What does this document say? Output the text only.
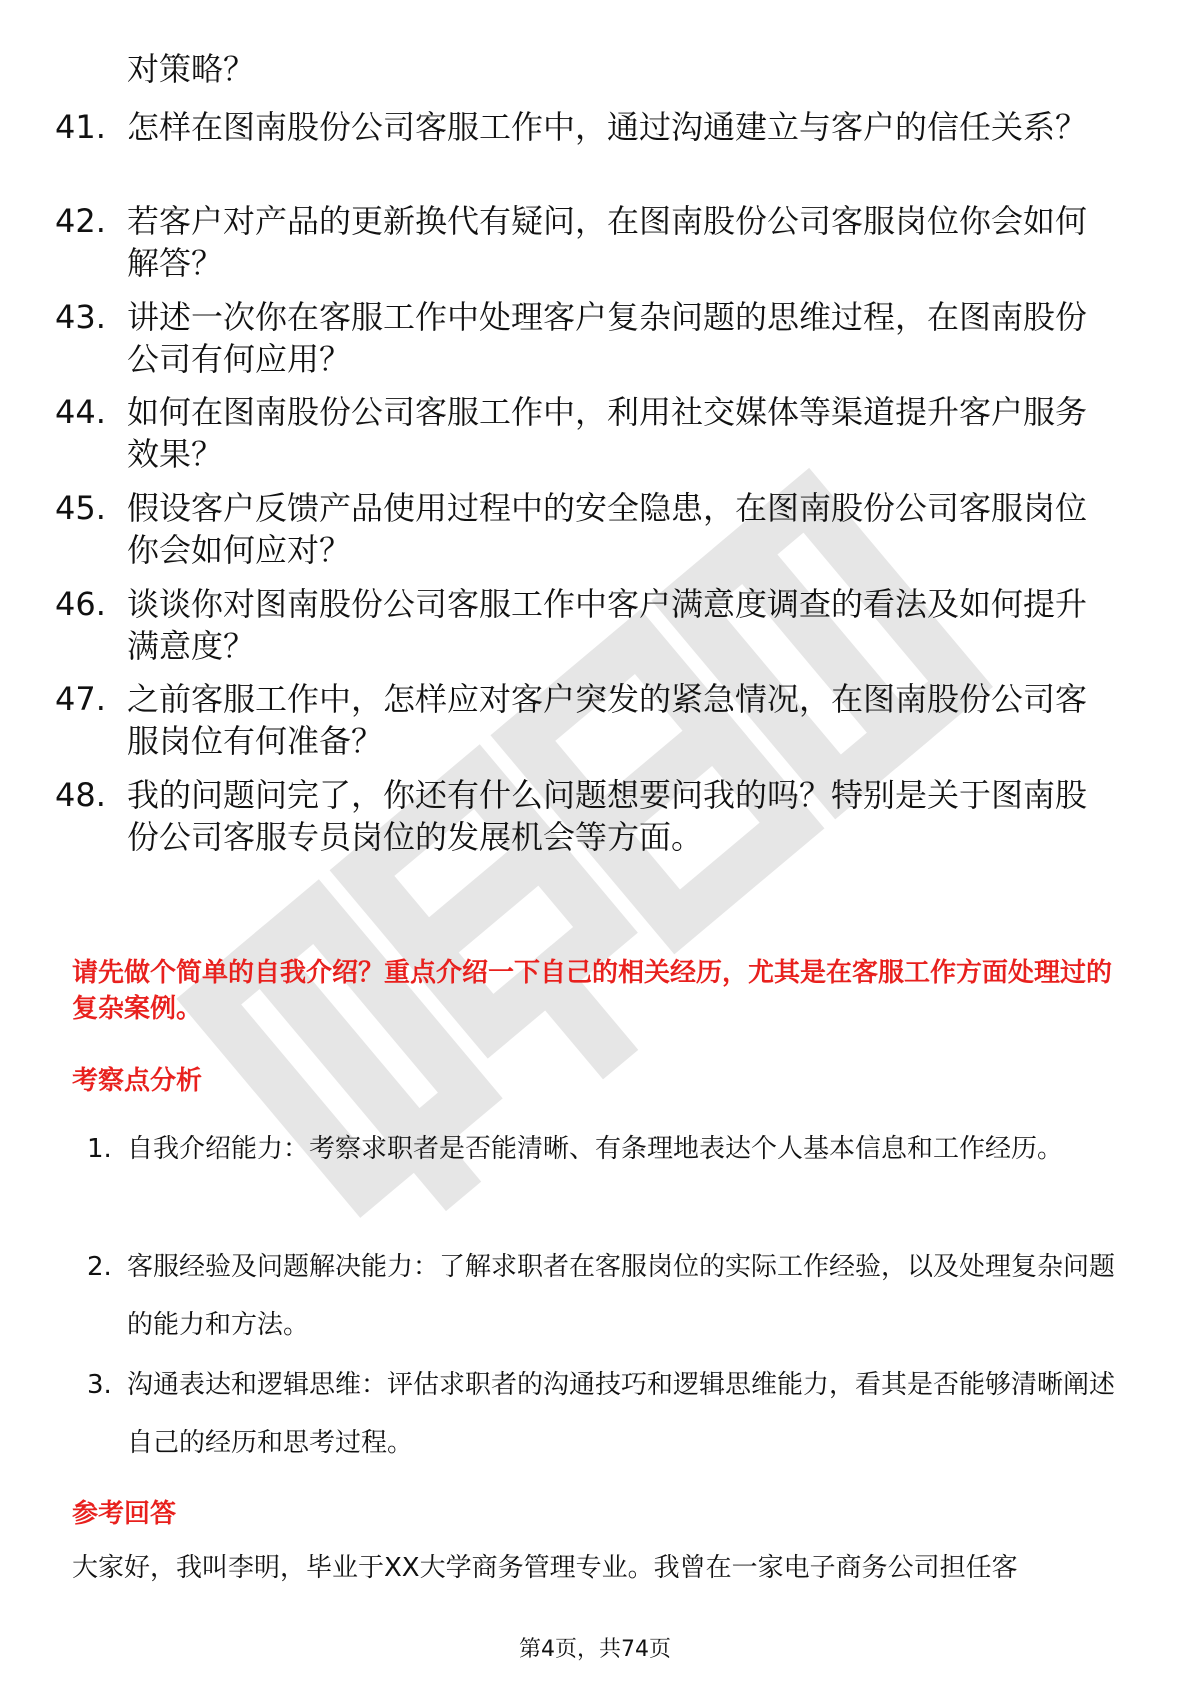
对策略？
41. 怎样在图南股份公司客服工作中，通过沟通建立与客户的信任关系？
42. 若客户对产品的更新换代有疑问，在图南股份公司客服岗位你会如何解答？
43. 讲述一次你在客服工作中处理客户复杂问题的思维过程，在图南股份公司有何应用？
44. 如何在图南股份公司客服工作中，利用社交媒体等渠道提升客户服务效果？
45. 假设客户反馈产品使用过程中的安全隐患，在图南股份公司客服岗位你会如何应对？
46. 谈谈你对图南股份公司客服工作中客户满意度调查的看法及如何提升满意度？
47. 之前客服工作中，怎样应对客户突发的紧急情况，在图南股份公司客服岗位有何准备？
48. 我的问题问完了，你还有什么问题想要问我的吗？特别是关于图南股份公司客服专员岗位的发展机会等方面。
请先做个简单的自我介绍？重点介绍一下自己的相关经历，尤其是在客服工作方面处理过的复杂案例。
考察点分析
1. 自我介绍能力：考察求职者是否能清晰、有条理地表达个人基本信息和工作经历。
2. 客服经验及问题解决能力：了解求职者在客服岗位的实际工作经验，以及处理复杂问题的能力和方法。
3. 沟通表达和逻辑思维：评估求职者的沟通技巧和逻辑思维能力，看其是否能够清晰阐述自己的经历和思考过程。
参考回答
大家好，我叫李明，毕业于XX大学商务管理专业。我曾在一家电子商务公司担任客
第4页，共74页
